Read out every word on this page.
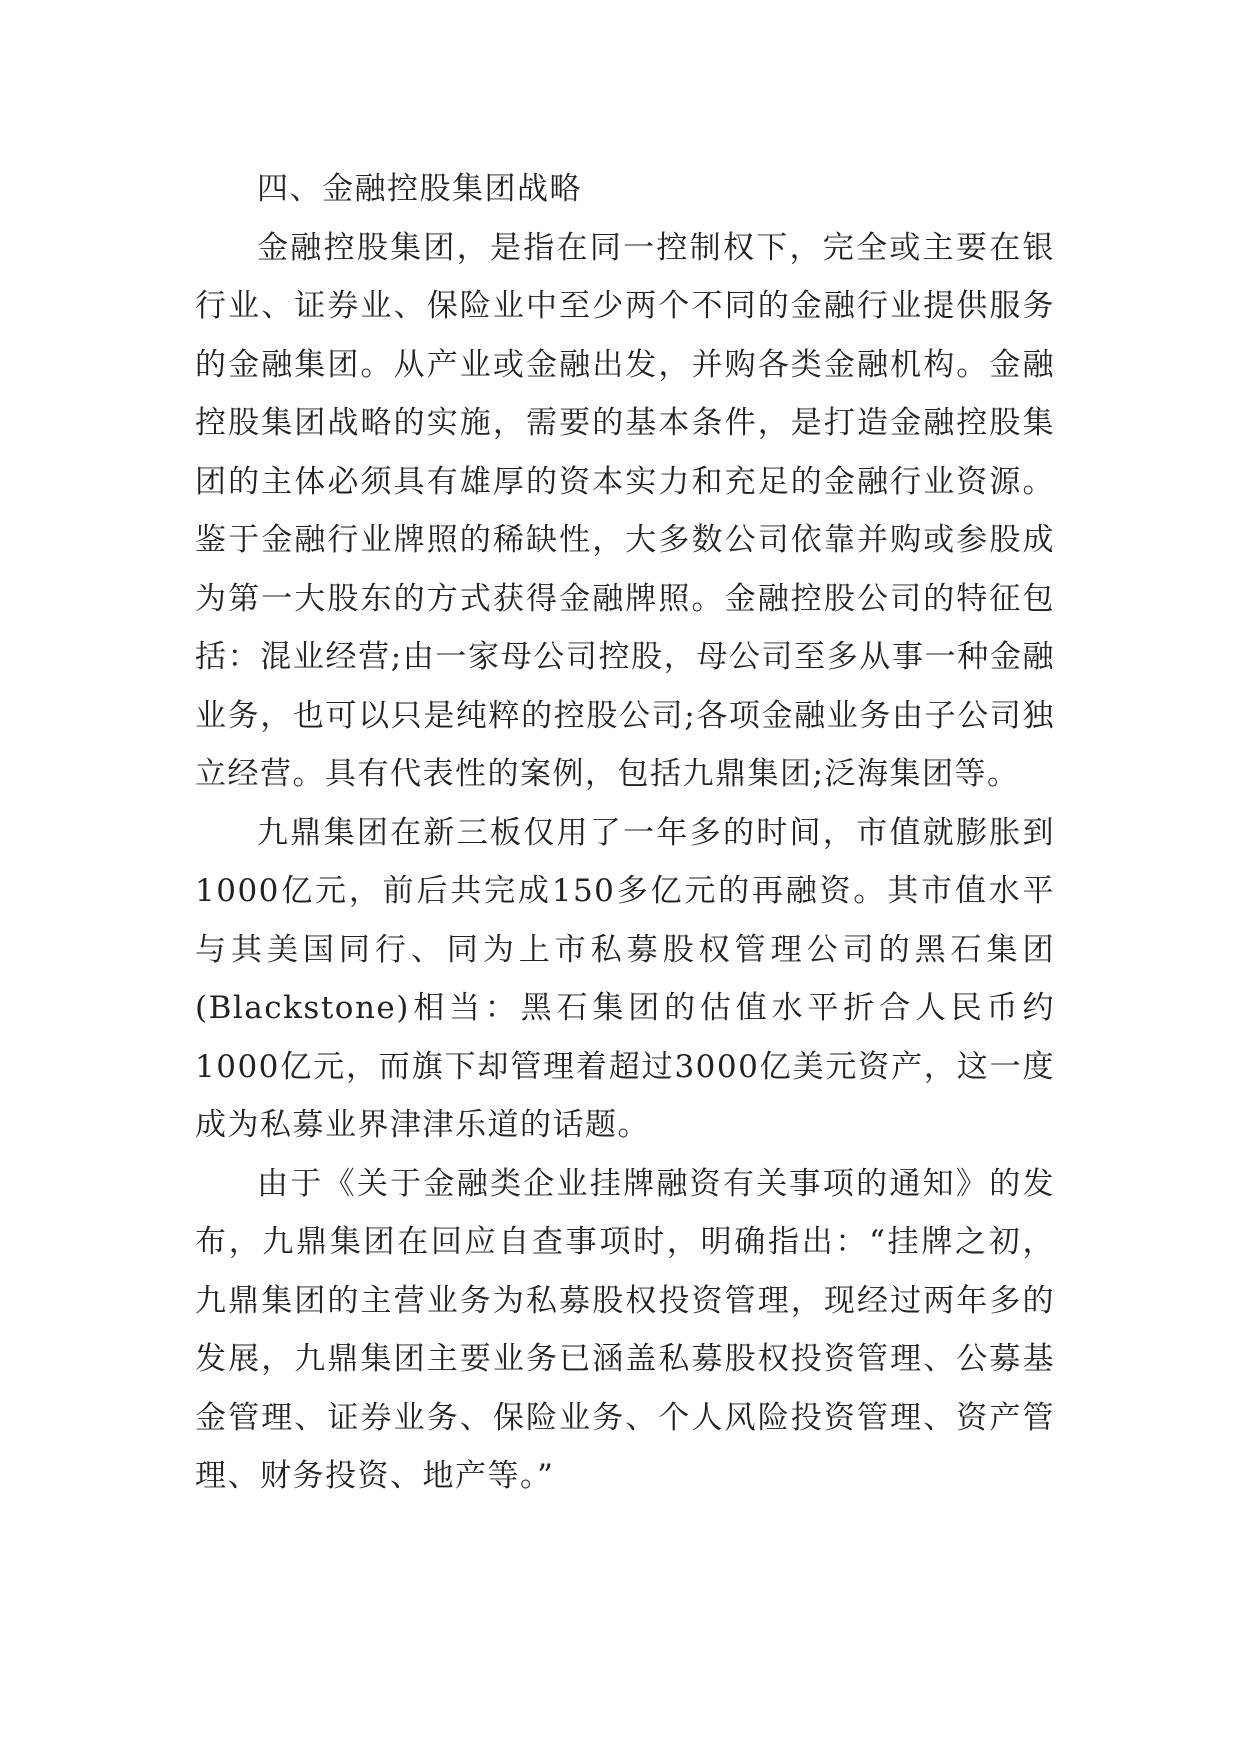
四、金融控股集团战略

金融控股集团，是指在同一控制权下，完全或主要在银行业、证券业、保险业中至少两个不同的金融行业提供服务的金融集团。从产业或金融出发，并购各类金融机构。金融控股集团战略的实施，需要的基本条件，是打造金融控股集团的主体必须具有雄厚的资本实力和充足的金融行业资源。鉴于金融行业牌照的稀缺性，大多数公司依靠并购或参股成为第一大股东的方式获得金融牌照。金融控股公司的特征包括：混业经营;由一家母公司控股，母公司至多从事一种金融业务，也可以只是纯粹的控股公司;各项金融业务由子公司独立经营。具有代表性的案例，包括九鼎集团;泛海集团等。

九鼎集团在新三板仅用了一年多的时间，市值就膨胀到1000亿元，前后共完成150多亿元的再融资。其市值水平与其美国同行、同为上市私募股权管理公司的黑石集团(Blackstone)相当：黑石集团的估值水平折合人民币约1000亿元，而旗下却管理着超过3000亿美元资产，这一度成为私募业界津津乐道的话题。

由于《关于金融类企业挂牌融资有关事项的通知》的发布，九鼎集团在回应自查事项时，明确指出：“挂牌之初，九鼎集团的主营业务为私募股权投资管理，现经过两年多的发展，九鼎集团主要业务已涵盖私募股权投资管理、公募基金管理、证券业务、保险业务、个人风险投资管理、资产管理、财务投资、地产等。”
